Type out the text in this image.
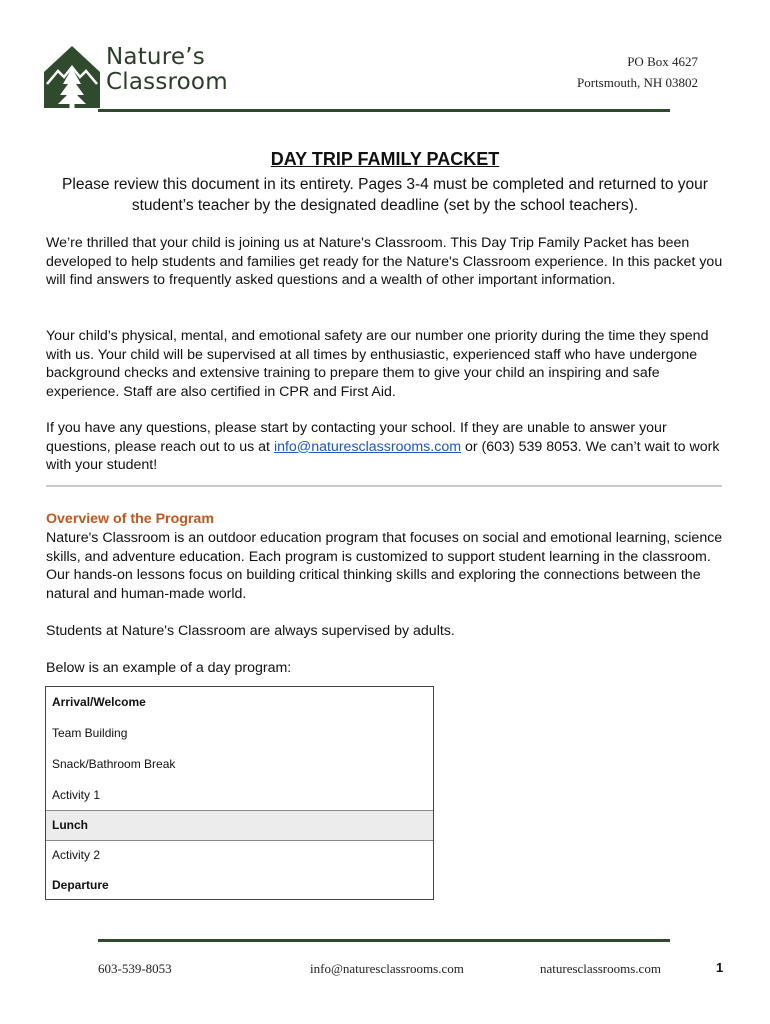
Nature’s
Classroom
PO Box 4627
Portsmouth, NH 03802
DAY TRIP FAMILY PACKET
Please review this document in its entirety. Pages 3-4 must be completed and returned to your student’s teacher by the designated deadline (set by the school teachers).
We’re thrilled that your child is joining us at Nature's Classroom. This Day Trip Family Packet has been developed to help students and families get ready for the Nature's Classroom experience. In this packet you will find answers to frequently asked questions and a wealth of other important information.
Your child’s physical, mental, and emotional safety are our number one priority during the time they spend with us. Your child will be supervised at all times by enthusiastic, experienced staff who have undergone background checks and extensive training to prepare them to give your child an inspiring and safe experience. Staff are also certified in CPR and First Aid.
If you have any questions, please start by contacting your school. If they are unable to answer your questions, please reach out to us at info@naturesclassrooms.com or (603) 539 8053. We can’t wait to work with your student!
Overview of the Program
Nature's Classroom is an outdoor education program that focuses on social and emotional learning, science skills, and adventure education. Each program is customized to support student learning in the classroom. Our hands-on lessons focus on building critical thinking skills and exploring the connections between the natural and human-made world.
Students at Nature's Classroom are always supervised by adults.
Below is an example of a day program:
Arrival/Welcome
Team Building
Snack/Bathroom Break
Activity 1
Lunch
Activity 2
Departure
603-539-8053	info@naturesclassrooms.com	naturesclassrooms.com	1
